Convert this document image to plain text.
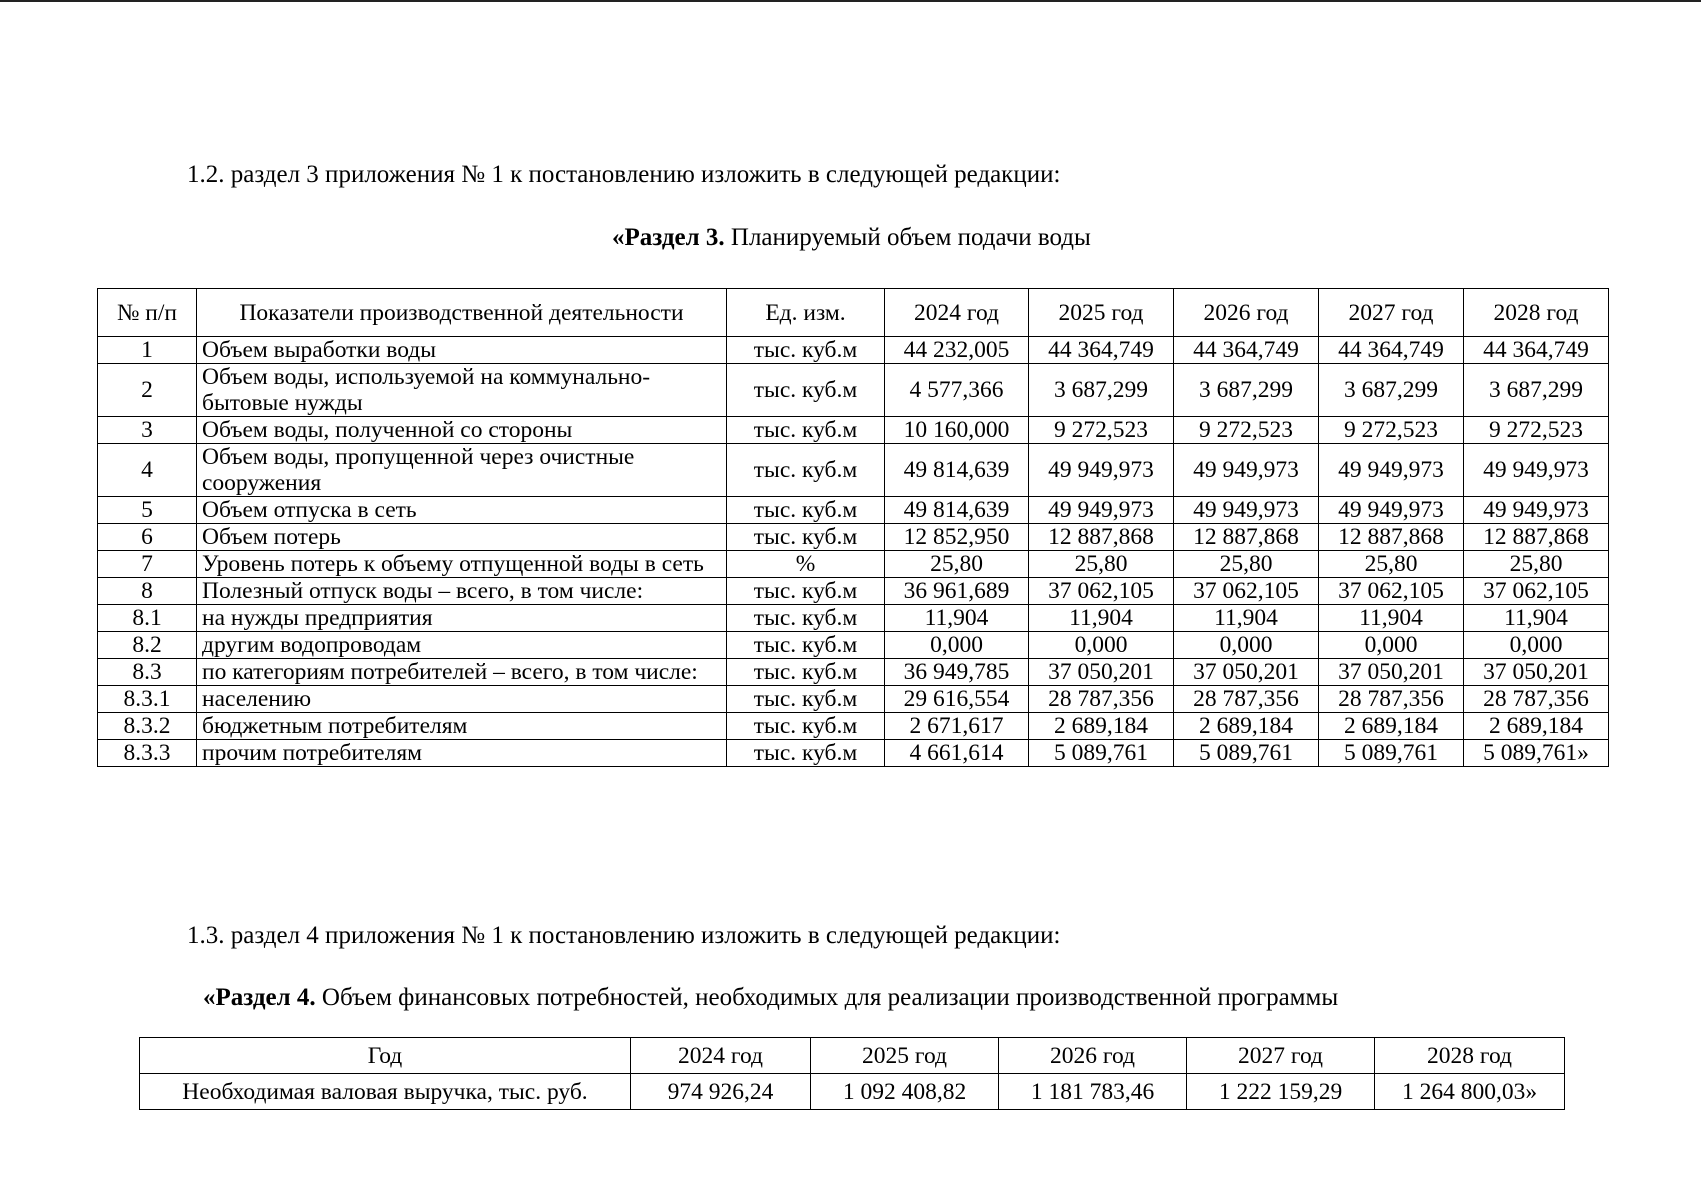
1.2. раздел 3 приложения № 1 к постановлению изложить в следующей редакции:
«Раздел 3. Планируемый объем подачи воды
№ п/п	Показатели производственной деятельности	Ед. изм.	2024 год	2025 год	2026 год	2027 год	2028 год
1	Объем выработки воды	тыс. куб.м	44 232,005	44 364,749	44 364,749	44 364,749	44 364,749
2	Объем воды, используемой на коммунально-бытовые нужды	тыс. куб.м	4 577,366	3 687,299	3 687,299	3 687,299	3 687,299
3	Объем воды, полученной со стороны	тыс. куб.м	10 160,000	9 272,523	9 272,523	9 272,523	9 272,523
4	Объем воды, пропущенной через очистные сооружения	тыс. куб.м	49 814,639	49 949,973	49 949,973	49 949,973	49 949,973
5	Объем отпуска в сеть	тыс. куб.м	49 814,639	49 949,973	49 949,973	49 949,973	49 949,973
6	Объем потерь	тыс. куб.м	12 852,950	12 887,868	12 887,868	12 887,868	12 887,868
7	Уровень потерь к объему отпущенной воды в сеть	%	25,80	25,80	25,80	25,80	25,80
8	Полезный отпуск воды – всего, в том числе:	тыс. куб.м	36 961,689	37 062,105	37 062,105	37 062,105	37 062,105
8.1	на нужды предприятия	тыс. куб.м	11,904	11,904	11,904	11,904	11,904
8.2	другим водопроводам	тыс. куб.м	0,000	0,000	0,000	0,000	0,000
8.3	по категориям потребителей – всего, в том числе:	тыс. куб.м	36 949,785	37 050,201	37 050,201	37 050,201	37 050,201
8.3.1	населению	тыс. куб.м	29 616,554	28 787,356	28 787,356	28 787,356	28 787,356
8.3.2	бюджетным потребителям	тыс. куб.м	2 671,617	2 689,184	2 689,184	2 689,184	2 689,184
8.3.3	прочим потребителям	тыс. куб.м	4 661,614	5 089,761	5 089,761	5 089,761	5 089,761»
1.3. раздел 4 приложения № 1 к постановлению изложить в следующей редакции:
«Раздел 4. Объем финансовых потребностей, необходимых для реализации производственной программы
Год	2024 год	2025 год	2026 год	2027 год	2028 год
Необходимая валовая выручка, тыс. руб.	974 926,24	1 092 408,82	1 181 783,46	1 222 159,29	1 264 800,03»
